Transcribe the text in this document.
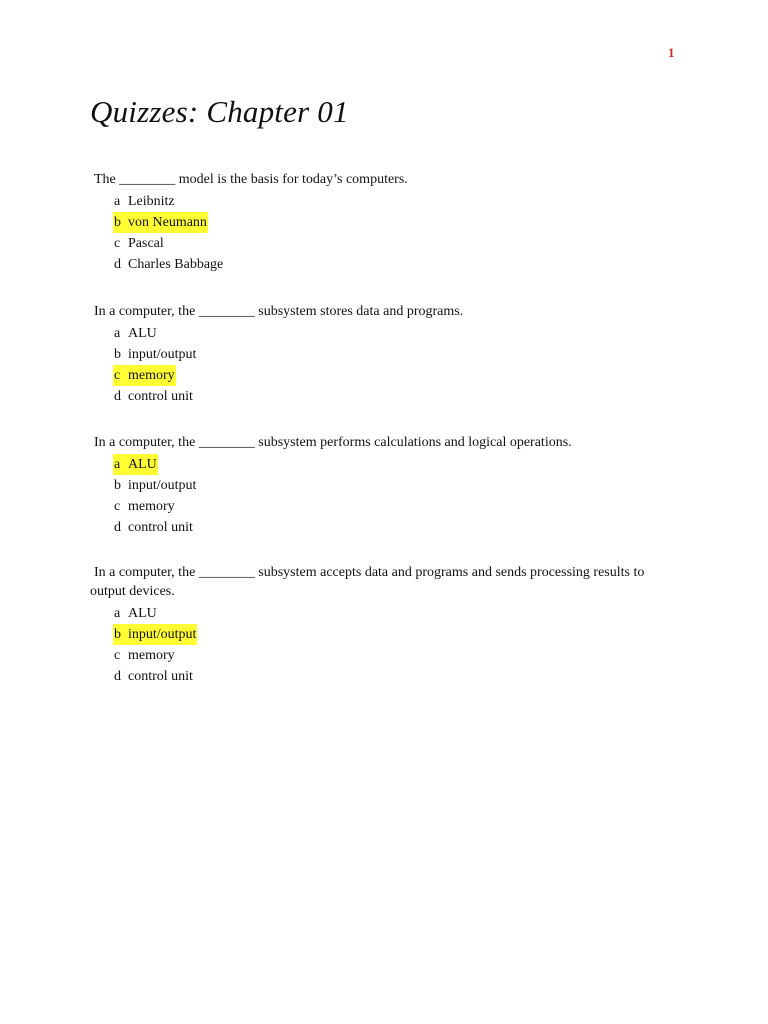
1
Quizzes: Chapter 01

The ________ model is the basis for today’s computers.

a Leibnitz
b von Neumann
c Pascal
d Charles Babbage

In a computer, the ________ subsystem stores data and programs.

a ALU
b input/output
c memory
d control unit

In a computer, the ________ subsystem performs calculations and logical operations.

a ALU
b input/output
c memory
d control unit

In a computer, the ________ subsystem accepts data and programs and sends processing results to output devices.

a ALU
b input/output
c memory
d control unit
